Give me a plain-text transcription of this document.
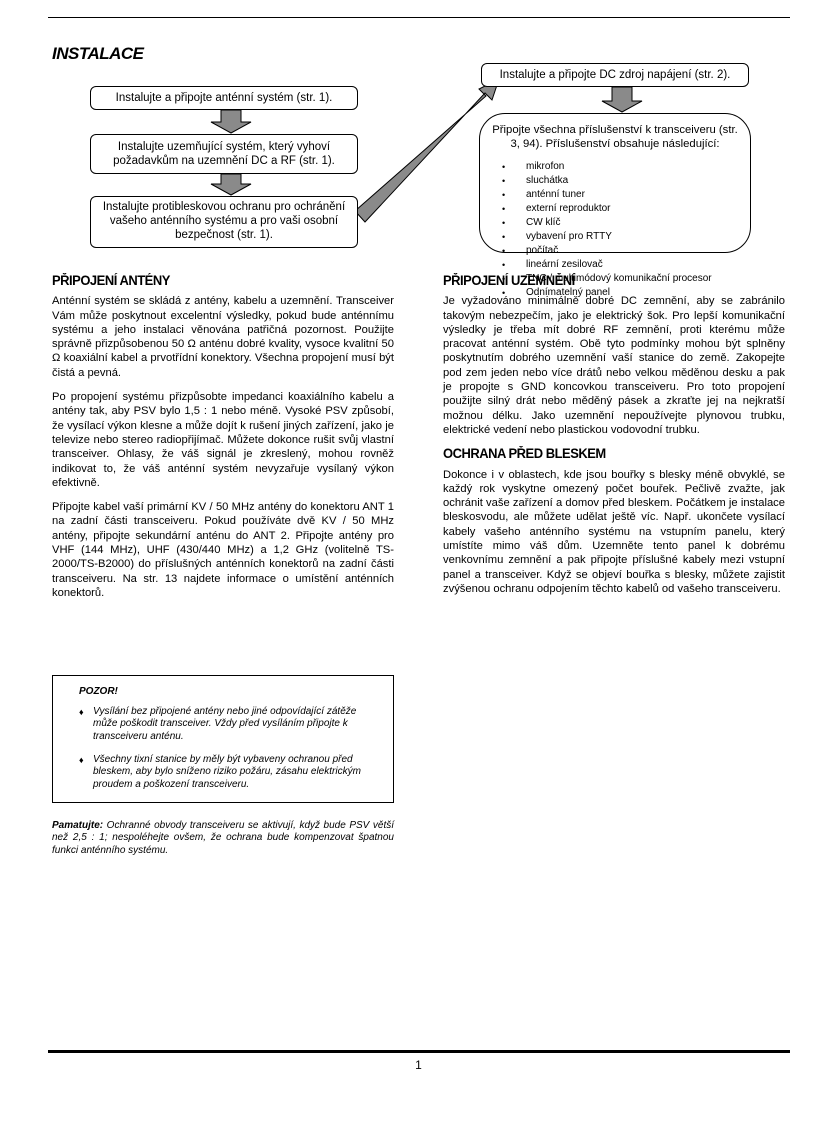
INSTALACE
Instalujte a připojte anténní systém (str. 1).
Instalujte uzemňující systém, který vyhoví požadavkům na uzemnění DC a RF (str. 1).
Instalujte protibleskovou ochranu pro ochránění vašeho anténního systému a pro vaši osobní bezpečnost (str. 1).
Instalujte a připojte DC zdroj napájení (str. 2).
Připojte všechna příslušenství k transceiveru (str. 3, 94). Příslušenství obsahuje následující:
• mikrofon• sluchátka • anténní tuner• externí reproduktor • CW klíč• vybavení pro RTTY • počítač• lineární zesilovač
• TNC / multimódový komunikační procesor
• Odnímatelný panel
PŘIPOJENÍ ANTÉNY

Anténní systém se skládá z antény, kabelu a uzemnění. Transceiver Vám může poskytnout excelentní výsledky, pokud bude anténnímu systému a jeho instalaci věnována patřičná pozornost. Použijte správně přizpůsobenou 50 Ω anténu dobré kvality, vysoce kvalitní 50 Ω koaxiální kabel a prvotřídní konektory. Všechna propojení musí být čistá a pevná.

Po propojení systému přizpůsobte impedanci koaxiálního kabelu a antény tak, aby PSV bylo 1,5 : 1 nebo méně. Vysoké PSV způsobí, že vysílací výkon klesne a může dojít k rušení jiných zařízení, jako je televize nebo stereo radiopřijímač. Můžete dokonce rušit svůj vlastní transceiver. Ohlasy, že váš signál je zkreslený, mohou rovněž indikovat to, že váš anténní systém nevyzařuje vysílaný výkon efektivně.

Připojte kabel vaší primární KV / 50 MHz antény do konektoru ANT 1 na zadní části transceiveru. Pokud používáte dvě KV / 50 MHz antény, připojte sekundární anténu do ANT 2. Připojte antény pro VHF (144 MHz), UHF (430/440 MHz) a 1,2 GHz (volitelně TS-2000/TS-B2000) do příslušných anténních konektorů na zadní části transceiveru. Na str. 13 najdete informace o umístění anténních konektorů.

POZOR!
♦ Vysílání bez připojené antény nebo jiné odpovídající zátěže může poškodit transceiver. Vždy před vysíláním připojte k transceiveru anténu.
♦ Všechny tixní stanice by měly být vybaveny ochranou před bleskem, aby bylo sníženo riziko požáru, zásahu elektrickým proudem a poškození transceiveru.
Pamatujte: Ochranné obvody transceiveru se aktivují, když bude PSV větší než 2,5 : 1; nespoléhejte ovšem, že ochrana bude kompenzovat špatnou funkci anténního systému.
PŘIPOJENÍ UZEMNĚNÍ

Je vyžadováno minimálně dobré DC zemnění, aby se zabránilo takovým nebezpečím, jako je elektrický šok. Pro lepší komunikační výsledky je třeba mít dobré RF zemnění, proti kterému může pracovat anténní systém. Obě tyto podmínky mohou být splněny poskytnutím dobrého uzemnění vaší stanice do země. Zakopejte pod zem jeden nebo více drátů nebo velkou měděnou desku a pak je propojte s GND koncovkou transceiveru. Pro toto propojení použijte silný drát nebo měděný pásek a zkraťte jej na nejkratší možnou délku. Jako uzemnění nepoužívejte plynovou trubku, elektrické vedení nebo plastickou vodovodní trubku.

OCHRANA PŘED BLESKEM

Dokonce i v oblastech, kde jsou bouřky s blesky méně obvyklé, se každý rok vyskytne omezený počet bouřek. Pečlivě zvažte, jak ochránit vaše zařízení a domov před bleskem. Počátkem je instalace bleskosvodu, ale můžete udělat ještě víc. Např. ukončete vysílací kabely vašeho anténního systému na vstupním panelu, který umístíte mimo váš dům. Uzemněte tento panel k dobrému venkovnímu zemnění a pak připojte příslušné kabely mezi vstupní panel a transceiver. Když se objeví bouřka s blesky, můžete zajistit zvýšenou ochranu odpojením těchto kabelů od vašeho transceiveru.

1
